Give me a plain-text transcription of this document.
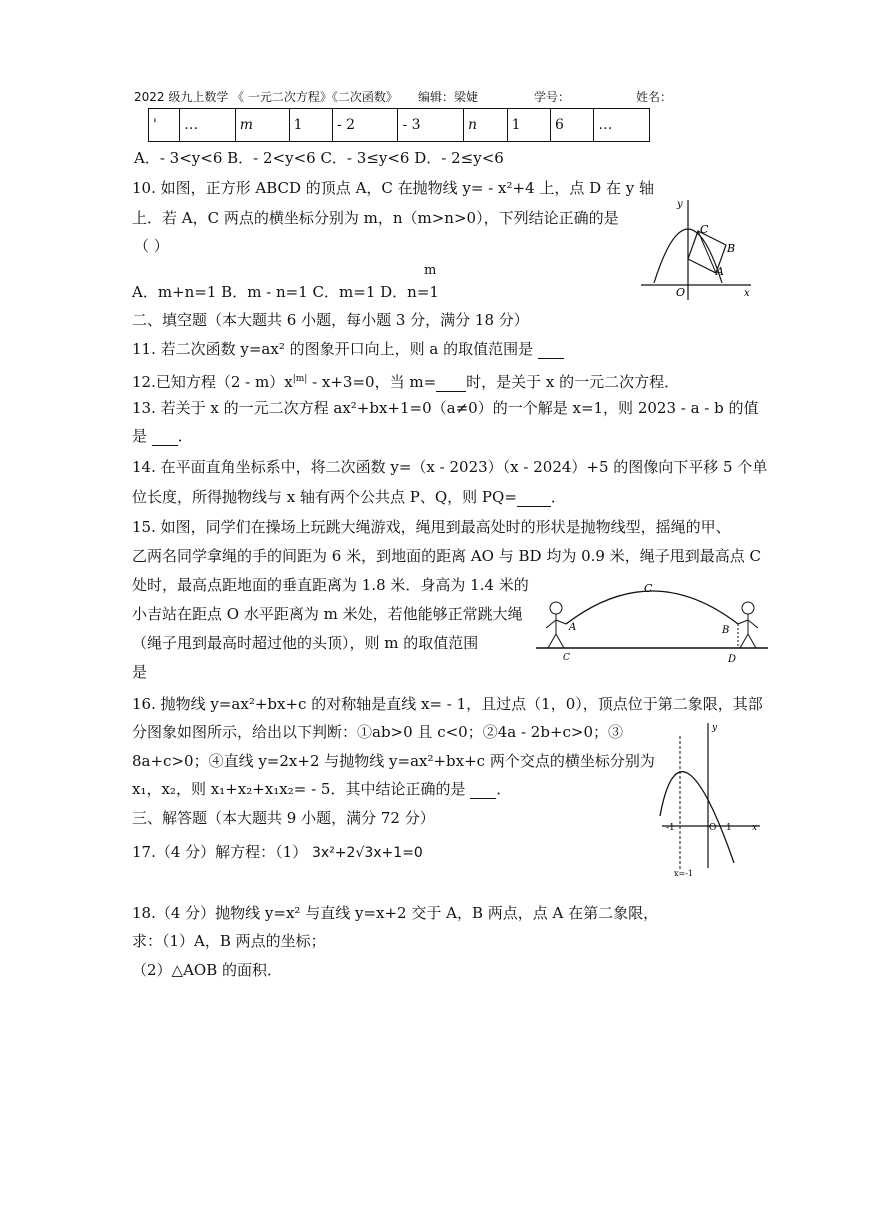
2022 级九上数学 《 一元二次方程》《二次函数》 编辑：梁婕	学号：	姓名：
'	…	m	1	- 2	- 3	n	1	6	…
A．- 3<y<6 B．- 2<y<6 C．- 3≤y<6 D．- 2≤y<6
10. 如图，正方形 ABCD 的顶点 A，C 在抛物线 y= - x²+4 上，点 D 在 y 轴
上．若 A，C 两点的横坐标分别为 m，n（m>n>0），下列结论正确的是
（ ）
m
A．m+n=1 B．m - n=1 C．m=1 D．n=1
y
C
B
A
O	x
二、填空题（本大题共 6 小题，每小题 3 分，满分 18 分）
11. 若二次函数 y=ax² 的图象开口向上，则 a 的取值范围是
12.已知方程$(2 - m)x^{|m|} - x+3=0$，当 m= 时，是关于 x 的一元二次方程．
13. 若关于 x 的一元二次方程 ax²+bx+1=0（a≠0）的一个解是 x=1，则 2023 - a - b 的值
是 ．
14. 在平面直角坐标系中，将二次函数 y=（x - 2023）（x - 2024）+5 的图像向下平移 5 个单
位长度，所得抛物线与 x 轴有两个公共点 P、Q，则 PQ= ．
15. 如图，同学们在操场上玩跳大绳游戏，绳甩到最高处时的形状是抛物线型，摇绳的甲、
乙两名同学拿绳的手的间距为 6 米，到地面的距离 AO 与 BD 均为 0.9 米，绳子甩到最高点 C
处时，最高点距地面的垂直距离为 1.8 米．身高为 1.4 米的
小吉站在距点 O 水平距离为 m 米处，若他能够正常跳大绳
（绳子甩到最高时超过他的头顶），则 m 的取值范围
是
C
A	B
C	D
16. 抛物线 y=ax²+bx+c 的对称轴是直线 x= - 1，且过点（1，0），顶点位于第二象限，其部
分图象如图所示，给出以下判断：①ab>0 且 c<0；②4a - 2b+c>0；③
8a+c>0；④直线 y=2x+2 与抛物线 y=ax²+bx+c 两个交点的横坐标分别为
x₁，x₂，则 x₁+x₂+x₁x₂= - 5．其中结论正确的是 ．
y
-1	O 1 x
x=-1
三、解答题（本大题共 9 小题，满分 72 分）
17.（4 分）解方程：（1） 3x²+2√3x+1=0
18.（4 分）抛物线 y=x² 与直线 y=x+2 交于 A，B 两点，点 A 在第二象限，
求：（1）A，B 两点的坐标；
（2）△AOB 的面积．
